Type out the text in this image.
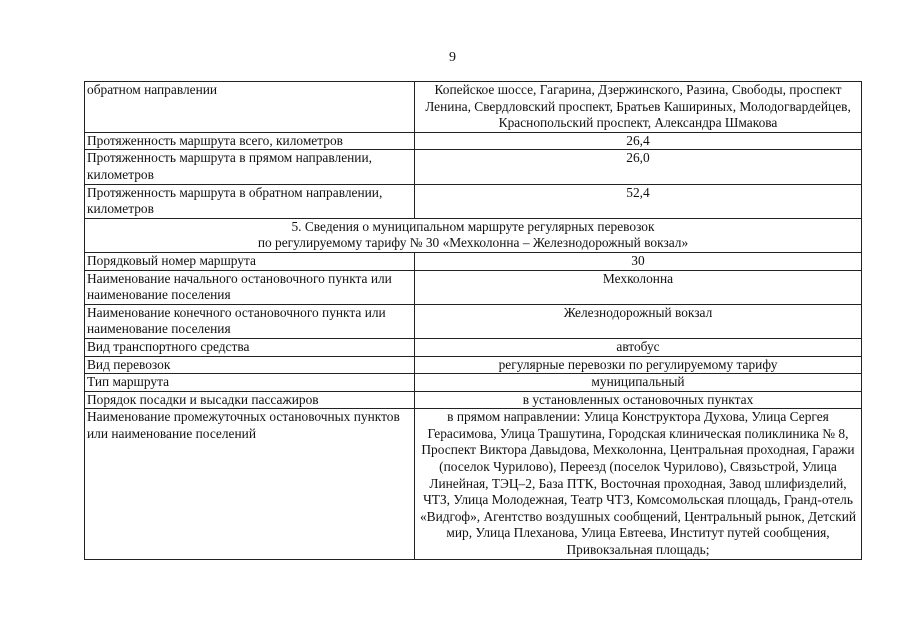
9
обратном направлении	Копейское шоссе, Гагарина, Дзержинского, Разина, Свободы, проспект Ленина, Свердловский проспект, Братьев Кашириных, Молодогвардейцев, Краснопольский проспект, Александра Шмакова
Протяженность маршрута всего, километров	26,4
Протяженность маршрута в прямом направлении, километров	26,0
Протяженность маршрута в обратном направлении, километров	52,4

5. Сведения о муниципальном маршруте регулярных перевозок
по регулируемому тарифу № 30 «Мехколонна – Железнодорожный вокзал»	

Порядковый номер маршрута	30
Наименование начального остановочного пункта или наименование поселения	Мехколонна
Наименование конечного остановочного пункта или наименование поселения	Железнодорожный вокзал
Вид транспортного средства	автобус
Вид перевозок	регулярные перевозки по регулируемому тарифу
Тип маршрута	муниципальный
Порядок посадки и высадки пассажиров	в установленных остановочных пунктах
Наименование промежуточных остановочных пунктов или наименование поселений	в прямом направлении: Улица Конструктора Духова, Улица Сергея Герасимова, Улица Трашутина, Городская клиническая поликлиника № 8, Проспект Виктора Давыдова, Мехколонна, Центральная проходная, Гаражи (поселок Чурилово), Переезд (поселок Чурилово), Связьстрой, Улица Линейная, ТЭЦ–2, База ПТК, Восточная проходная, Завод шлифизделий, ЧТЗ, Улица Молодежная, Театр ЧТЗ, Комсомольская площадь, Гранд-отель «Видгоф», Агентство воздушных сообщений, Центральный рынок, Детский мир, Улица Плеханова, Улица Евтеева, Институт путей сообщения, Привокзальная площадь;
